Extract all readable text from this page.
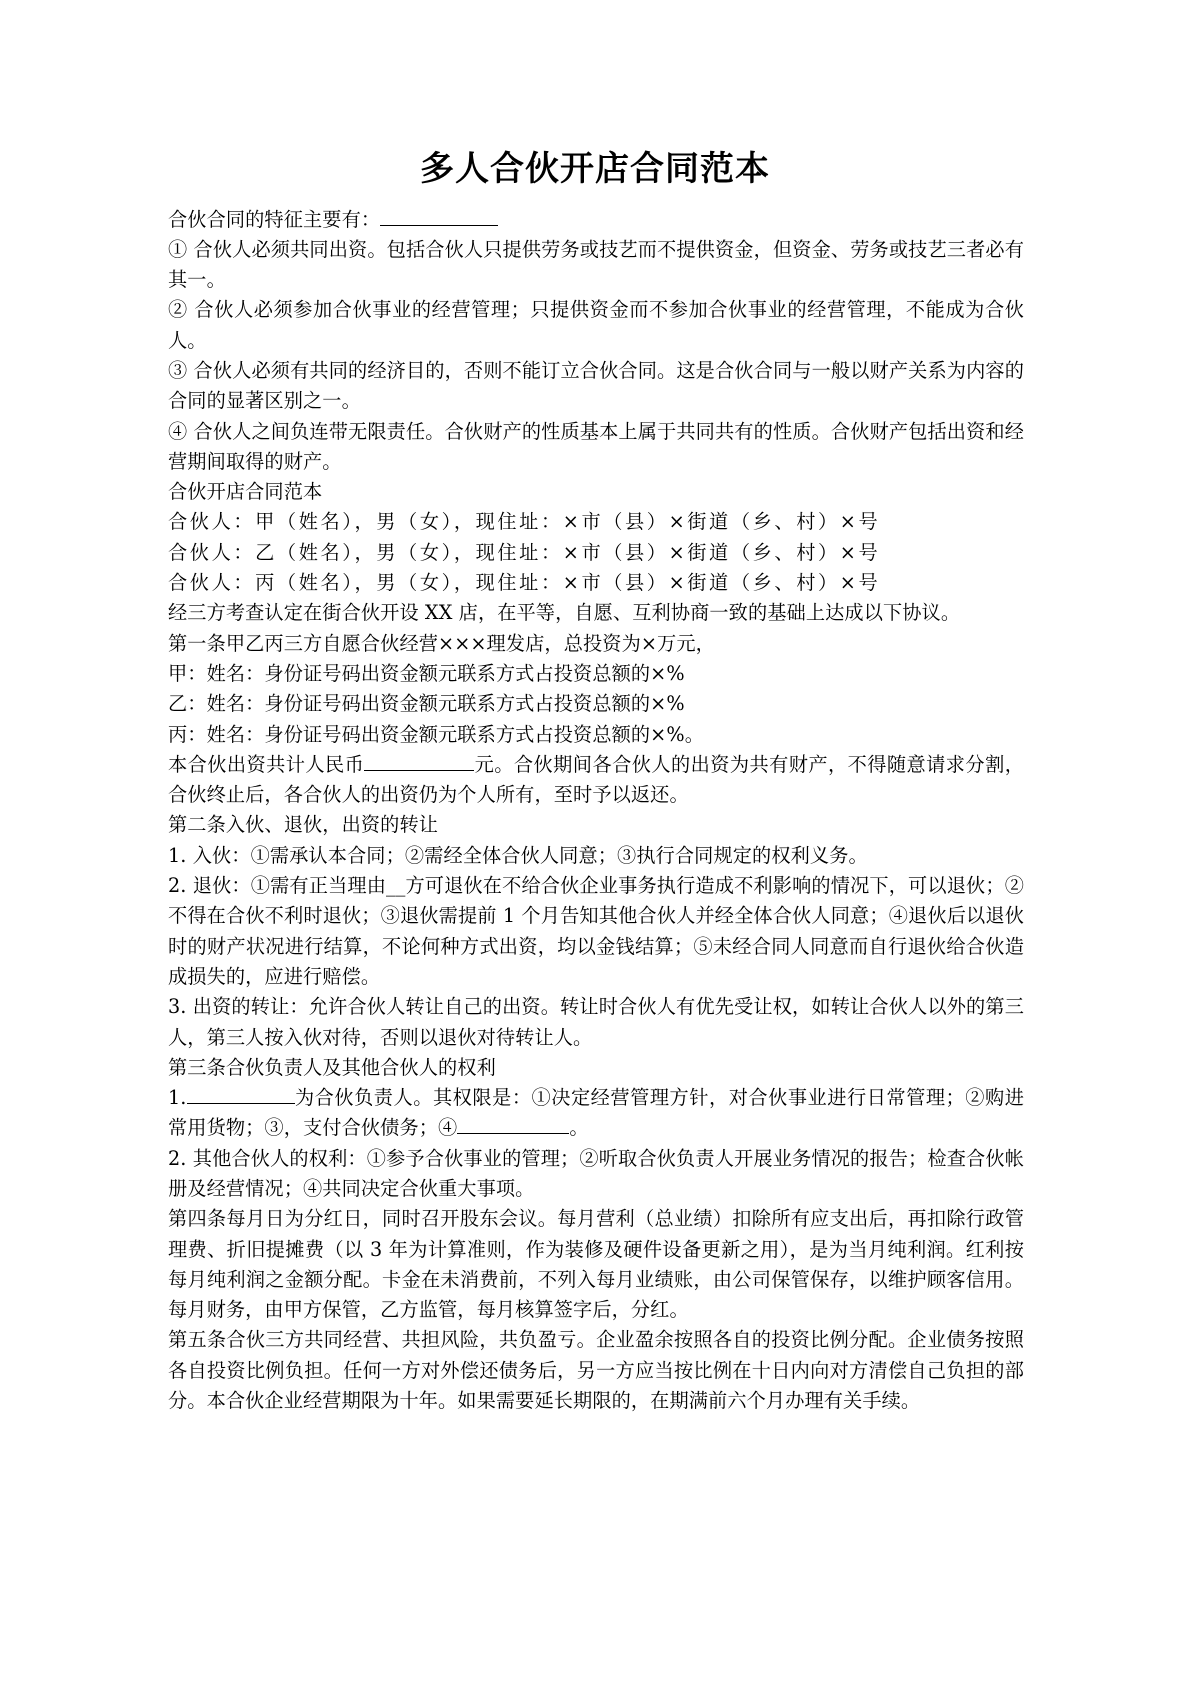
多人合伙开店合同范本

合伙合同的特征主要有：

① 合伙人必须共同出资。包括合伙人只提供劳务或技艺而不提供资金，但资金、劳务或技艺三者必有其一。

② 合伙人必须参加合伙事业的经营管理；只提供资金而不参加合伙事业的经营管理，不能成为合伙人。

③ 合伙人必须有共同的经济目的，否则不能订立合伙合同。这是合伙合同与一般以财产关系为内容的合同的显著区别之一。

④ 合伙人之间负连带无限责任。合伙财产的性质基本上属于共同共有的性质。合伙财产包括出资和经营期间取得的财产。

合伙开店合同范本

合伙人：甲（姓名），男（女），现住址：×市（县）×街道（乡、村）×号

合伙人：乙（姓名），男（女），现住址：×市（县）×街道（乡、村）×号

合伙人：丙（姓名），男（女），现住址：×市（县）×街道（乡、村）×号

经三方考查认定在街合伙开设 XX 店，在平等，自愿、互利协商一致的基础上达成以下协议。

第一条甲乙丙三方自愿合伙经营×××理发店，总投资为×万元，

甲：姓名：身份证号码出资金额元联系方式占投资总额的×%

乙：姓名：身份证号码出资金额元联系方式占投资总额的×%

丙：姓名：身份证号码出资金额元联系方式占投资总额的×%。

本合伙出资共计人民币	元。合伙期间各合伙人的出资为共有财产，不得随意请求分割，合伙终止后，各合伙人的出资仍为个人所有，至时予以返还。

第二条入伙、退伙，出资的转让

1. 入伙：①需承认本合同；②需经全体合伙人同意；③执行合同规定的权利义务。

2. 退伙：①需有正当理由__方可退伙在不给合伙企业事务执行造成不利影响的情况下，可以退伙；②不得在合伙不利时退伙；③退伙需提前 1 个月告知其他合伙人并经全体合伙人同意；④退伙后以退伙时的财产状况进行结算，不论何种方式出资，均以金钱结算；⑤未经合同人同意而自行退伙给合伙造成损失的，应进行赔偿。

3. 出资的转让：允许合伙人转让自己的出资。转让时合伙人有优先受让权，如转让合伙人以外的第三人，第三人按入伙对待，否则以退伙对待转让人。

第三条合伙负责人及其他合伙人的权利

1.	为合伙负责人。其权限是：①决定经营管理方针，对合伙事业进行日常管理；②购进常用货物；③，支付合伙债务；④	。

2. 其他合伙人的权利：①参予合伙事业的管理；②听取合伙负责人开展业务情况的报告；检查合伙帐册及经营情况；④共同决定合伙重大事项。

第四条每月日为分红日，同时召开股东会议。每月营利（总业绩）扣除所有应支出后，再扣除行政管理费、折旧提摊费（以 3 年为计算准则，作为装修及硬件设备更新之用），是为当月纯利润。红利按每月纯利润之金额分配。卡金在未消费前，不列入每月业绩账，由公司保管保存，以维护顾客信用。每月财务，由甲方保管，乙方监管，每月核算签字后，分红。

第五条合伙三方共同经营、共担风险，共负盈亏。企业盈余按照各自的投资比例分配。企业债务按照各自投资比例负担。任何一方对外偿还债务后，另一方应当按比例在十日内向对方清偿自己负担的部分。本合伙企业经营期限为十年。如果需要延长期限的，在期满前六个月办理有关手续。
